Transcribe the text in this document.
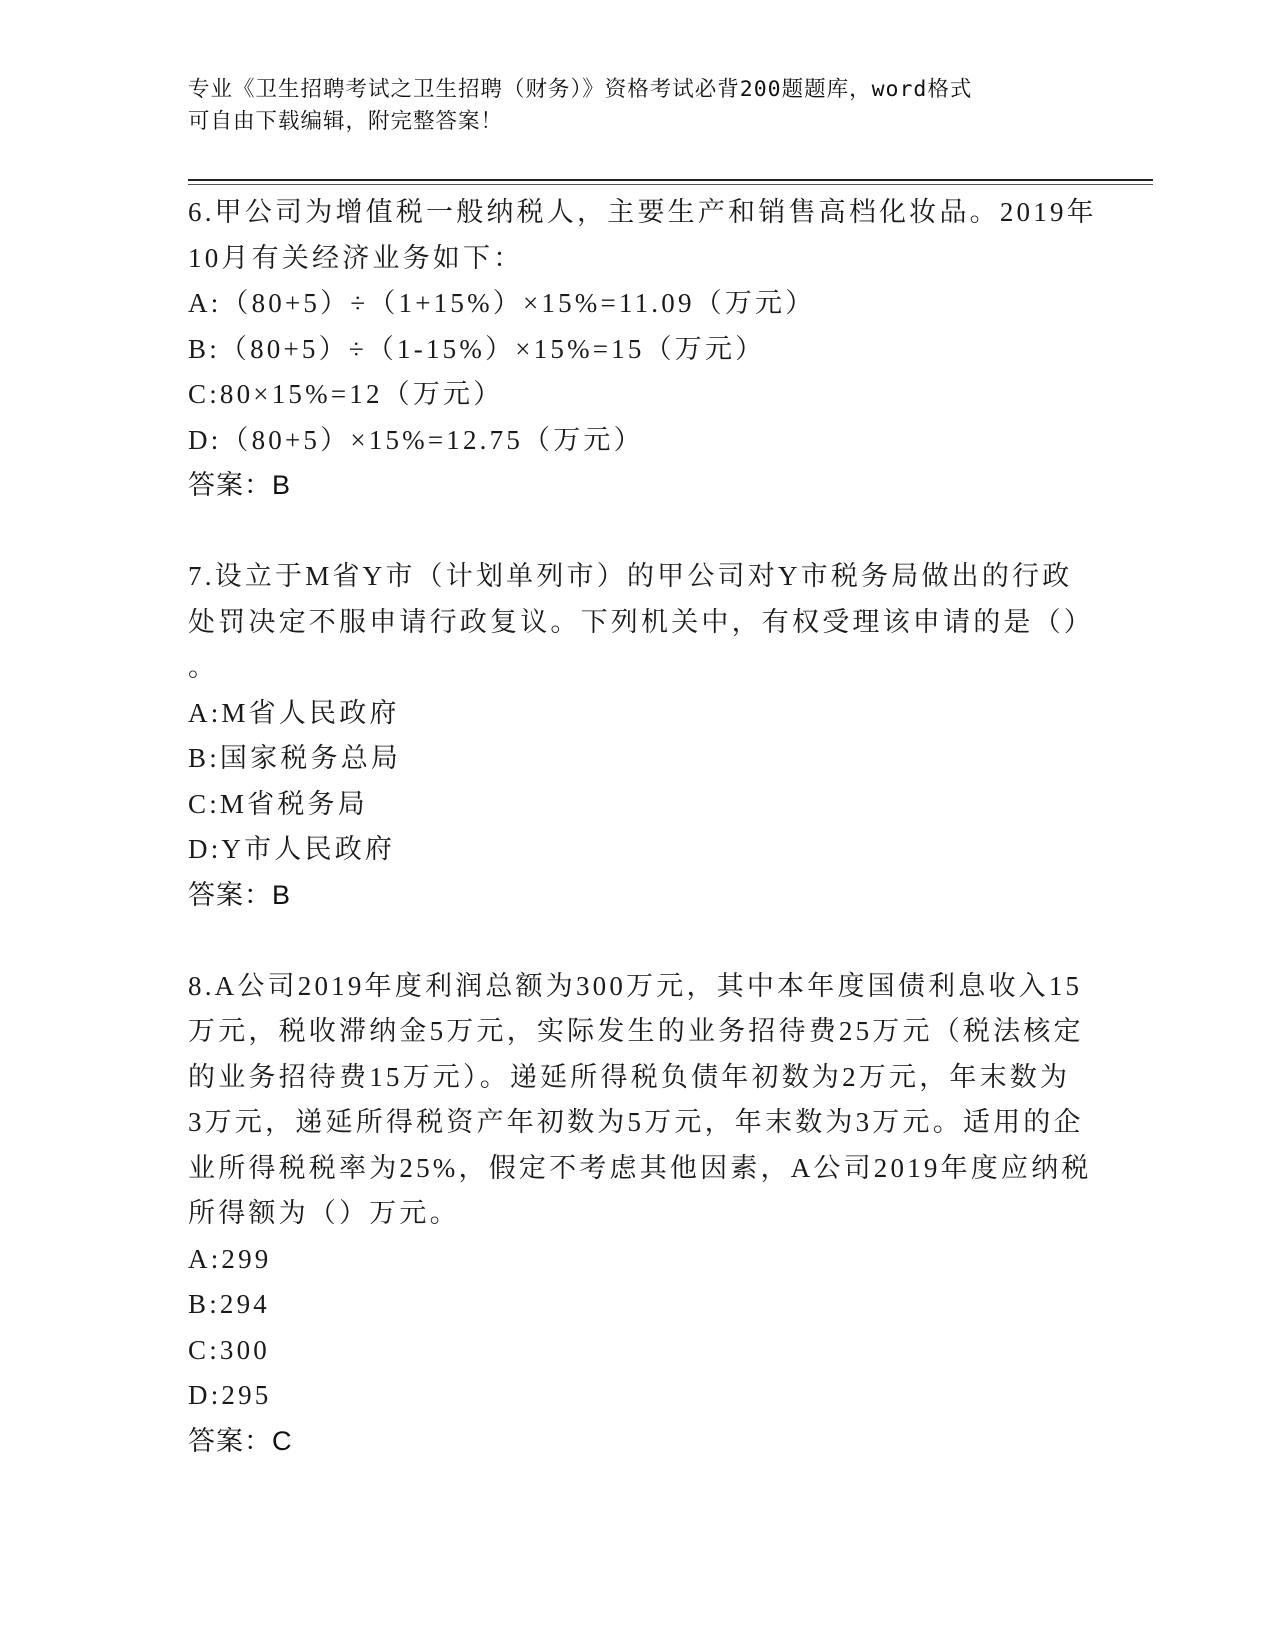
专业《卫生招聘考试之卫生招聘（财务）》资格考试必背200题题库，word格式
可自由下载编辑，附完整答案！
6.甲公司为增值税一般纳税人，主要生产和销售高档化妆品。2019年
10月有关经济业务如下：
A:（80+5）÷（1+15%）×15%=11.09（万元）
B:（80+5）÷（1-15%）×15%=15（万元）
C:80×15%=12（万元）
D:（80+5）×15%=12.75（万元）
答案：B
7.设立于M省Y市（计划单列市）的甲公司对Y市税务局做出的行政
处罚决定不服申请行政复议。下列机关中，有权受理该申请的是（）
。
A:M省人民政府
B:国家税务总局
C:M省税务局
D:Y市人民政府
答案：B
8.A公司2019年度利润总额为300万元，其中本年度国债利息收入15
万元，税收滞纳金5万元，实际发生的业务招待费25万元（税法核定
的业务招待费15万元）。递延所得税负债年初数为2万元，年末数为
3万元，递延所得税资产年初数为5万元，年末数为3万元。适用的企
业所得税税率为25%，假定不考虑其他因素，A公司2019年度应纳税
所得额为（）万元。
A:299
B:294
C:300
D:295
答案：C
